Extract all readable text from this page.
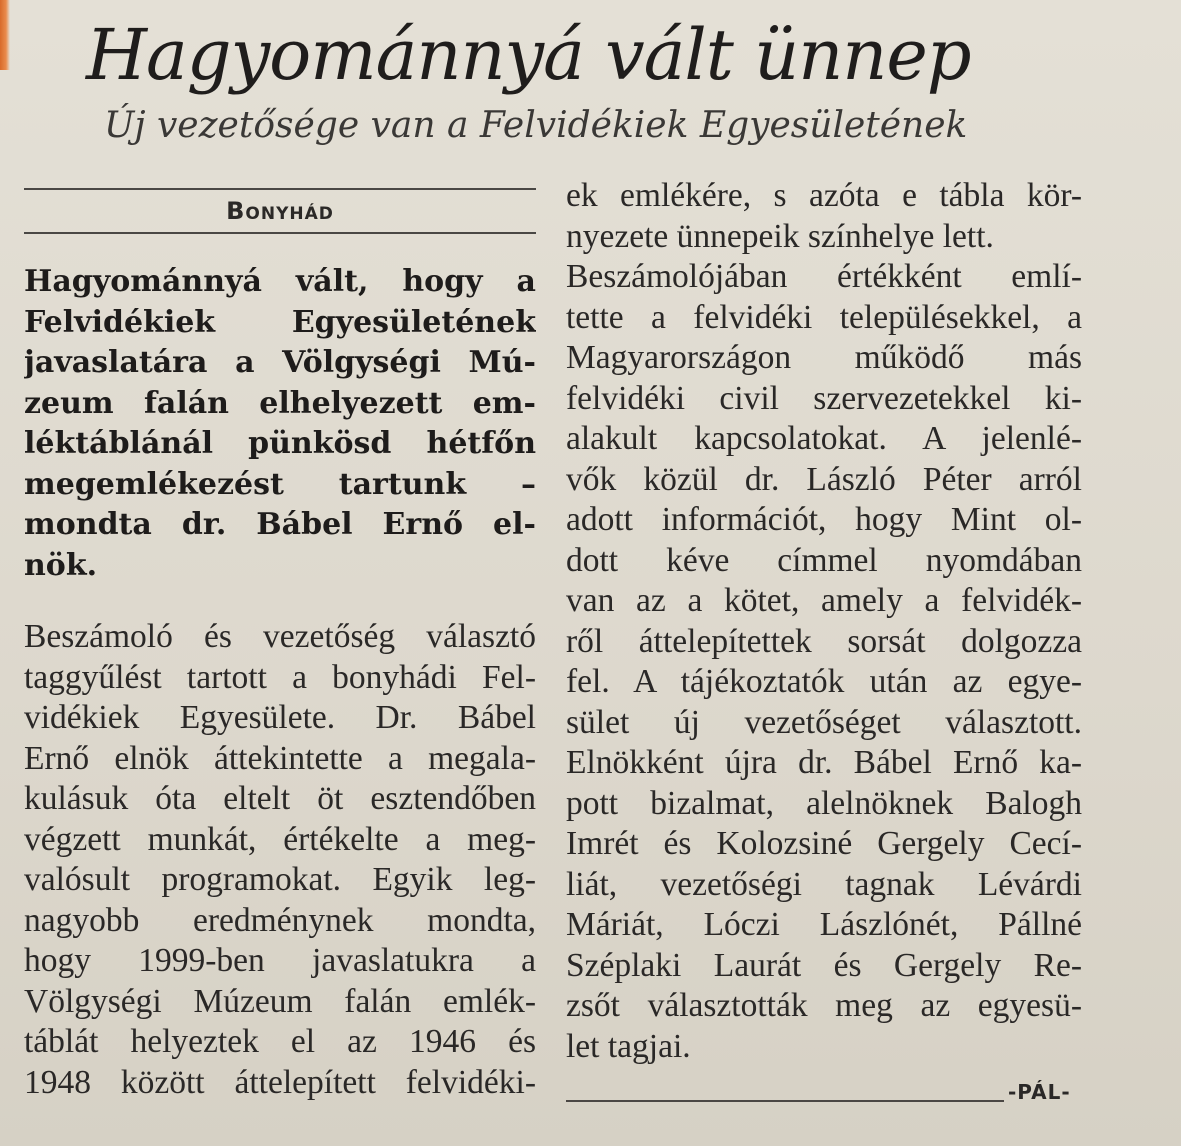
Hagyománnyá vált ünnep
Új vezetősége van a Felvidékiek Egyesületének
Bonyhád
Hagyománnyá vált, hogy a
Felvidékiek Egyesületének
javaslatára a Völgységi Mú-
zeum falán elhelyezett em-
léktáblánál pünkösd hétfőn
megemlékezést tartunk –
mondta dr. Bábel Ernő el-
nök.
Beszámoló és vezetőség választó
taggyűlést tartott a bonyhádi Fel-
vidékiek Egyesülete. Dr. Bábel
Ernő elnök áttekintette a megala-
kulásuk óta eltelt öt esztendőben
végzett munkát, értékelte a meg-
valósult programokat. Egyik leg-
nagyobb eredménynek mondta,
hogy 1999-ben javaslatukra a
Völgységi Múzeum falán emlék-
táblát helyeztek el az 1946 és
1948 között áttelepített felvidéki-
ek emlékére, s azóta e tábla kör-
nyezete ünnepeik színhelye lett.
Beszámolójában értékként emlí-
tette a felvidéki településekkel, a
Magyarországon működő más
felvidéki civil szervezetekkel ki-
alakult kapcsolatokat. A jelenlé-
vők közül dr. László Péter arról
adott információt, hogy Mint ol-
dott kéve címmel nyomdában
van az a kötet, amely a felvidék-
ről áttelepítettek sorsát dolgozza
fel. A tájékoztatók után az egye-
sület új vezetőséget választott.
Elnökként újra dr. Bábel Ernő ka-
pott bizalmat, alelnöknek Balogh
Imrét és Kolozsiné Gergely Cecí-
liát, vezetőségi tagnak Lévárdi
Máriát, Lóczi Lászlónét, Pállné
Széplaki Laurát és Gergely Re-
zsőt választották meg az egyesü-
let tagjai.
-PÁL-
